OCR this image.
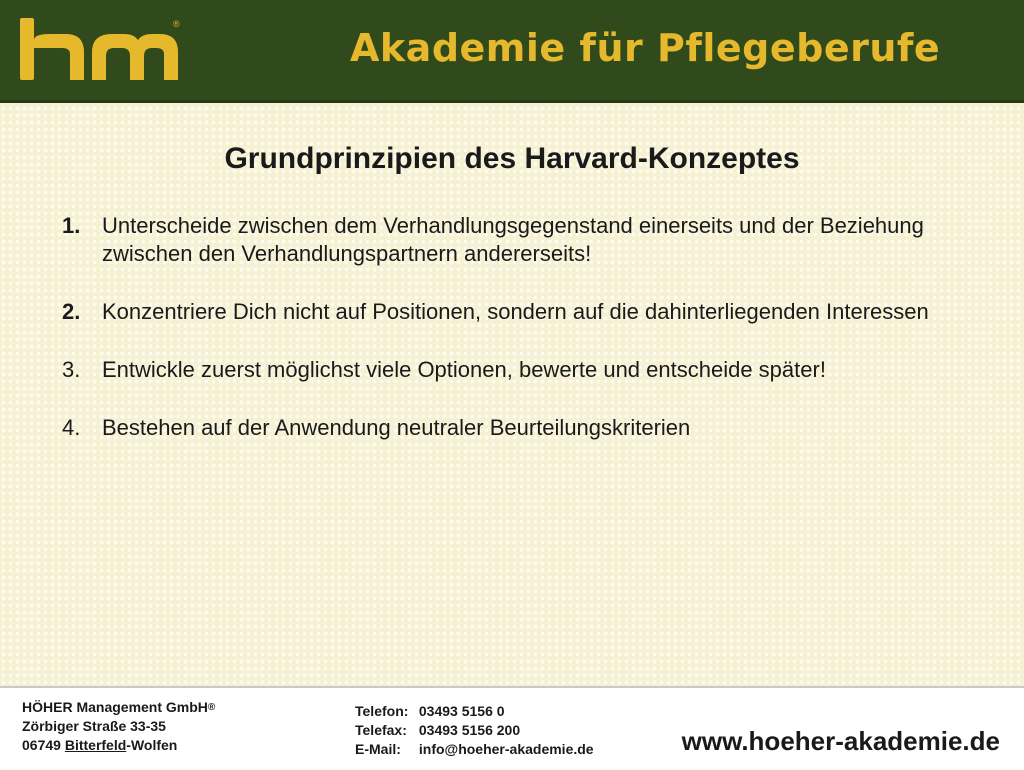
®
Akademie für Pflegeberufe
Grundprinzipien des Harvard-Konzeptes
1. Unterscheide zwischen dem Verhandlungsgegenstand einerseits und der Beziehung zwischen den Verhandlungspartnern andererseits!
2. Konzentriere Dich nicht auf Positionen, sondern auf die dahinterliegenden Interessen
3. Entwickle zuerst möglichst viele Optionen, bewerte und entscheide später!
4. Bestehen auf der Anwendung neutraler Beurteilungskriterien
HÖHER Management GmbH®
Zörbiger Straße 33-35
06749 Bitterfeld-Wolfen
Telefon: 03493 5156 0
Telefax: 03493 5156 200
E-Mail: info@hoeher-akademie.de	www.hoeher-akademie.de
